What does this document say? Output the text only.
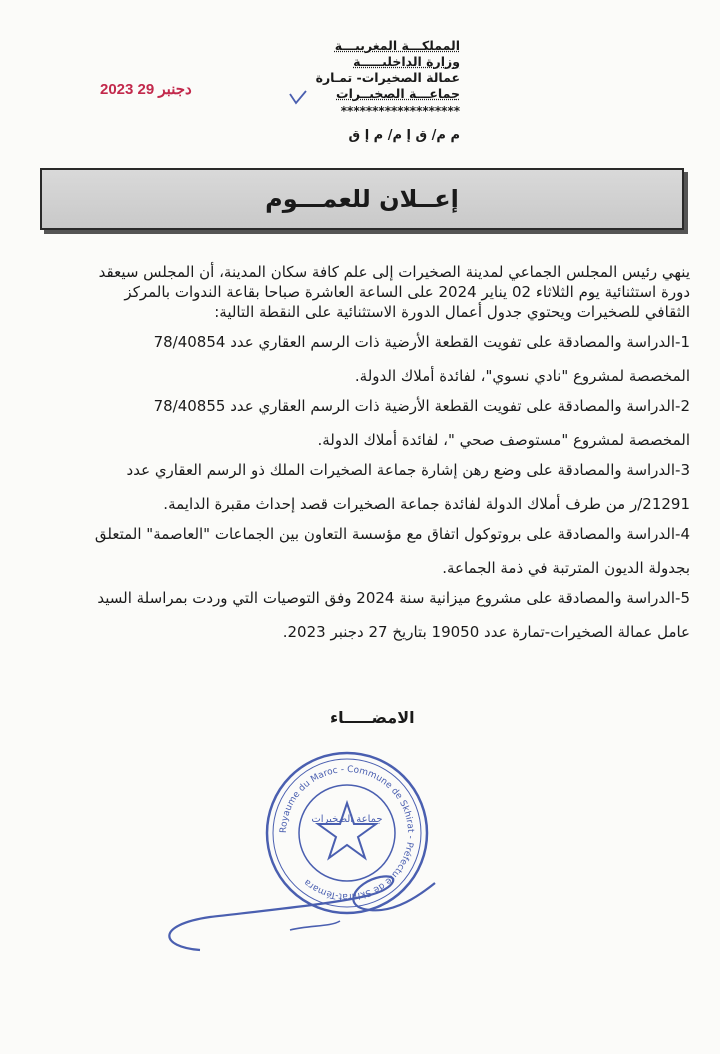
2023 دجنبر 29
المملكـــة المغربيـــة
وزارة الداخليـــــة
عمالة الصخيرات- تمـارة
جماعـــة الصخيــرات
*******************
م م/ ق إ م/ م إ ق
إعــلان للعمـــوم

ينهي رئيس المجلس الجماعي لمدينة الصخيرات إلى علم كافة سكان المدينة، أن المجلس سيعقد
دورة استثنائية يوم الثلاثاء 02 يناير 2024 على الساعة العاشرة صباحا بقاعة الندوات بالمركز
الثقافي للصخيرات ويحتوي جدول أعمال الدورة الاستثنائية على النقطة التالية:

1-الدراسة والمصادقة على تفويت القطعة الأرضية ذات الرسم العقاري عدد 78/40854
المخصصة لمشروع "نادي نسوي"، لفائدة أملاك الدولة.

2-الدراسة والمصادقة على تفويت القطعة الأرضية ذات الرسم العقاري عدد 78/40855
المخصصة لمشروع "مستوصف صحي "، لفائدة أملاك الدولة.

3-الدراسة والمصادقة على وضع رهن إشارة جماعة الصخيرات الملك ذو الرسم العقاري عدد
21291/ر من طرف أملاك الدولة لفائدة جماعة الصخيرات قصد إحداث مقبرة الدايمة.

4-الدراسة والمصادقة على بروتوكول اتفاق مع مؤسسة التعاون بين الجماعات "العاصمة" المتعلق
بجدولة الديون المترتبة في ذمة الجماعة.

5-الدراسة والمصادقة على مشروع ميزانية سنة 2024 وفق التوصيات التي وردت بمراسلة السيد
عامل عمالة الصخيرات-تمارة عدد 19050 بتاريخ 27 دجنبر 2023.

الامضـــــاء
Royaume du Maroc - Commune de Skhirat - Préfecture de Skhirat-Témara
جماعة الصخيرات
